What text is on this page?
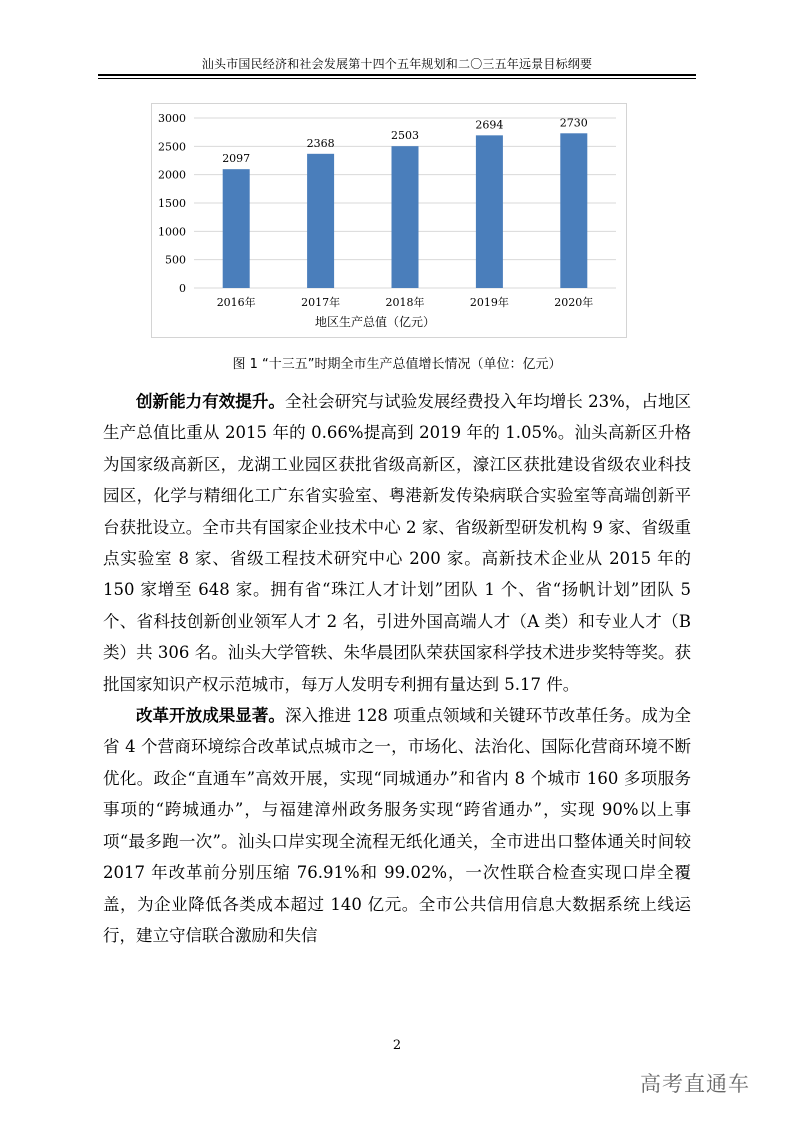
汕头市国民经济和社会发展第十四个五年规划和二〇三五年远景目标纲要
0
500
1000
1500
2000
2500
3000
2097
2016年
2368
2017年
2503
2018年
2694
2019年
2730
2020年
地区生产总值（亿元）
图 1 “十三五”时期全市生产总值增长情况（单位：亿元）

创新能力有效提升。全社会研究与试验发展经费投入年均增长 23%，占地区生产总值比重从 2015 年的 0.66%提高到 2019 年的 1.05%。汕头高新区升格为国家级高新区，龙湖工业园区获批省级高新区，濠江区获批建设省级农业科技园区，化学与精细化工广东省实验室、粤港新发传染病联合实验室等高端创新平台获批设立。全市共有国家企业技术中心 2 家、省级新型研发机构 9 家、省级重点实验室 8 家、省级工程技术研究中心 200 家。高新技术企业从 2015 年的 150 家增至 648 家。拥有省“珠江人才计划”团队 1 个、省“扬帆计划”团队 5 个、省科技创新创业领军人才 2 名，引进外国高端人才（A 类）和专业人才（B 类）共 306 名。汕头大学管轶、朱华晨团队荣获国家科学技术进步奖特等奖。获批国家知识产权示范城市，每万人发明专利拥有量达到 5.17 件。

改革开放成果显著。深入推进 128 项重点领域和关键环节改革任务。成为全省 4 个营商环境综合改革试点城市之一，市场化、法治化、国际化营商环境不断优化。政企“直通车”高效开展，实现“同城通办”和省内 8 个城市 160 多项服务事项的“跨城通办”，与福建漳州政务服务实现“跨省通办”，实现 90%以上事项“最多跑一次”。汕头口岸实现全流程无纸化通关，全市进出口整体通关时间较 2017 年改革前分别压缩 76.91%和 99.02%，一次性联合检查实现口岸全覆盖，为企业降低各类成本超过 140 亿元。全市公共信用信息大数据系统上线运行，建立守信联合激励和失信

2
高考直通车
